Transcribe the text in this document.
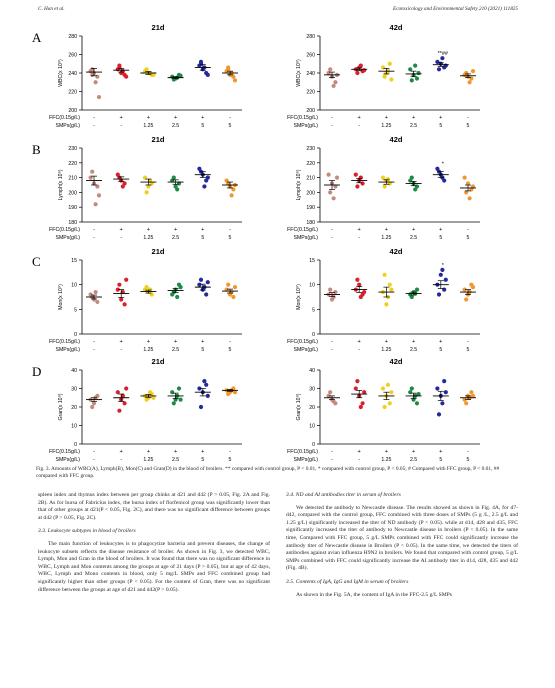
C. Han et al.	Ecotoxicology and Environmental Safety 210 (2021) 111825
A
21d
200
220
240
260
280
WBC(x 10⁹)
FFC(0.15g/L)
SMPs(g/L)
-	+	+	+	+	-
-	-	1.25	2.5	5	5
42d
200
220
240
260
280
WBC(x 10⁹)
**##
FFC(0.15g/L)
SMPs(g/L)
-	+	+	+	+	-
-	-	1.25	2.5	5	5
B
21d
180
190
200
210
220
230
Lymph(x 10⁹)
FFC(0.15g/L)
SMPs(g/L)
-	+	+	+	+	-
-	-	1.25	2.5	5	5
42d
180
190
200
210
220
230
Lymph(x 10⁹)
*
FFC(0.15g/L)
SMPs(g/L)
-	+	+	+	+	-
-	-	1.25	2.5	5	5
C
21d
0
5
10
15
Mon(x 10⁹)
FFC(0.15g/L)
SMPs(g/L)
-	+	+	+	+	-
-	-	1.25	2.5	5	5
42d
0
5
10
15
Mon(x 10⁹)
*
FFC(0.15g/L)
SMPs(g/L)
-	+	+	+	+	-
-	-	1.25	2.5	5	5
D
21d
0
10
20
30
40
Gran(x 10⁹)
FFC(0.15g/L)
SMPs(g/L)
-	+	+	+	+	-
-	-	1.25	2.5	5	5
42d
0
10
20
30
40
Gran(x 10⁹)
FFC(0.15g/L)
SMPs(g/L)
-	+	+	+	+	-
-	-	1.25	2.5	5	5
Fig. 3. Amounts of WBC(A), Lymph(B), Mon(C) and Gran(D) in the blood of broilers. ** compared with control group, P < 0.01, * compared with control group, P < 0.05; # Compared with FFC group, P < 0.01, ## compared with FFC group.

spleen index and thymus index between per group chinks at d21 and d42 (P > 0.05, Fig. 2A and Fig. 2B). As for bursa of Fabricius index, the bursa index of florfenicol group was significantly lower than that of other groups at d21(P < 0.05, Fig. 2C), and there was no significant difference between groups at d42 (P > 0.05, Fig. 2C).

3.3. Leukocyte subtypes in blood of broilers

The main function of leukocytes is to phagocytize bacteria and prevent diseases, the change of leukocyte subsets reflects the disease resistance of broiler. As shown in Fig. 3, we detected WBC, Lymph, Mon and Gran in the blood of broilers. It was found that there was no significant difference in WBC, Lymph and Mon contents among the groups at age of 21 days (P > 0.05), but at age of 42 days, WBC, Lymph and Mono contents in blood, only 5 mg/L SMPs and FFC combined group had significantly higher than other groups (P < 0.05). For the content of Gran, there was no significant difference between the groups at age of d21 and d42(P > 0.05).

3.4. ND and AI antibodies titer in serum of broilers

We detected the antibody to Newcastle disease. The results showed as shown in Fig. 4A, for d7-d42, compared with the control group, FFC combined with three doses of SMPs (5 g /L, 2.5 g/L and 1.25 g/L) significantly increased the titer of ND antibody (P < 0.05). while at d14, d28 and d35, FFC significantly increased the titer of antibody to Newcastle disease in broilers (P < 0.05). In the same time, Compared with FFC group, 5 g/L SMPs combined with FFC could significantly increase the antibody titer of Newcastle disease in Broilers (P < 0.05). In the same time, we detected the titers of antibodies against avian influenza H9N2 in broilers. We found that compared with control group, 5 g/L SMPs combined with FFC could significantly increase the AI antibody titer in d14, d28, d35 and d42 (Fig. 4B).

3.5. Contents of IgA, IgG and IgM in serum of broilers

As shown in the Fig. 5A, the content of IgA in the FFC-2.5 g/L SMPs
